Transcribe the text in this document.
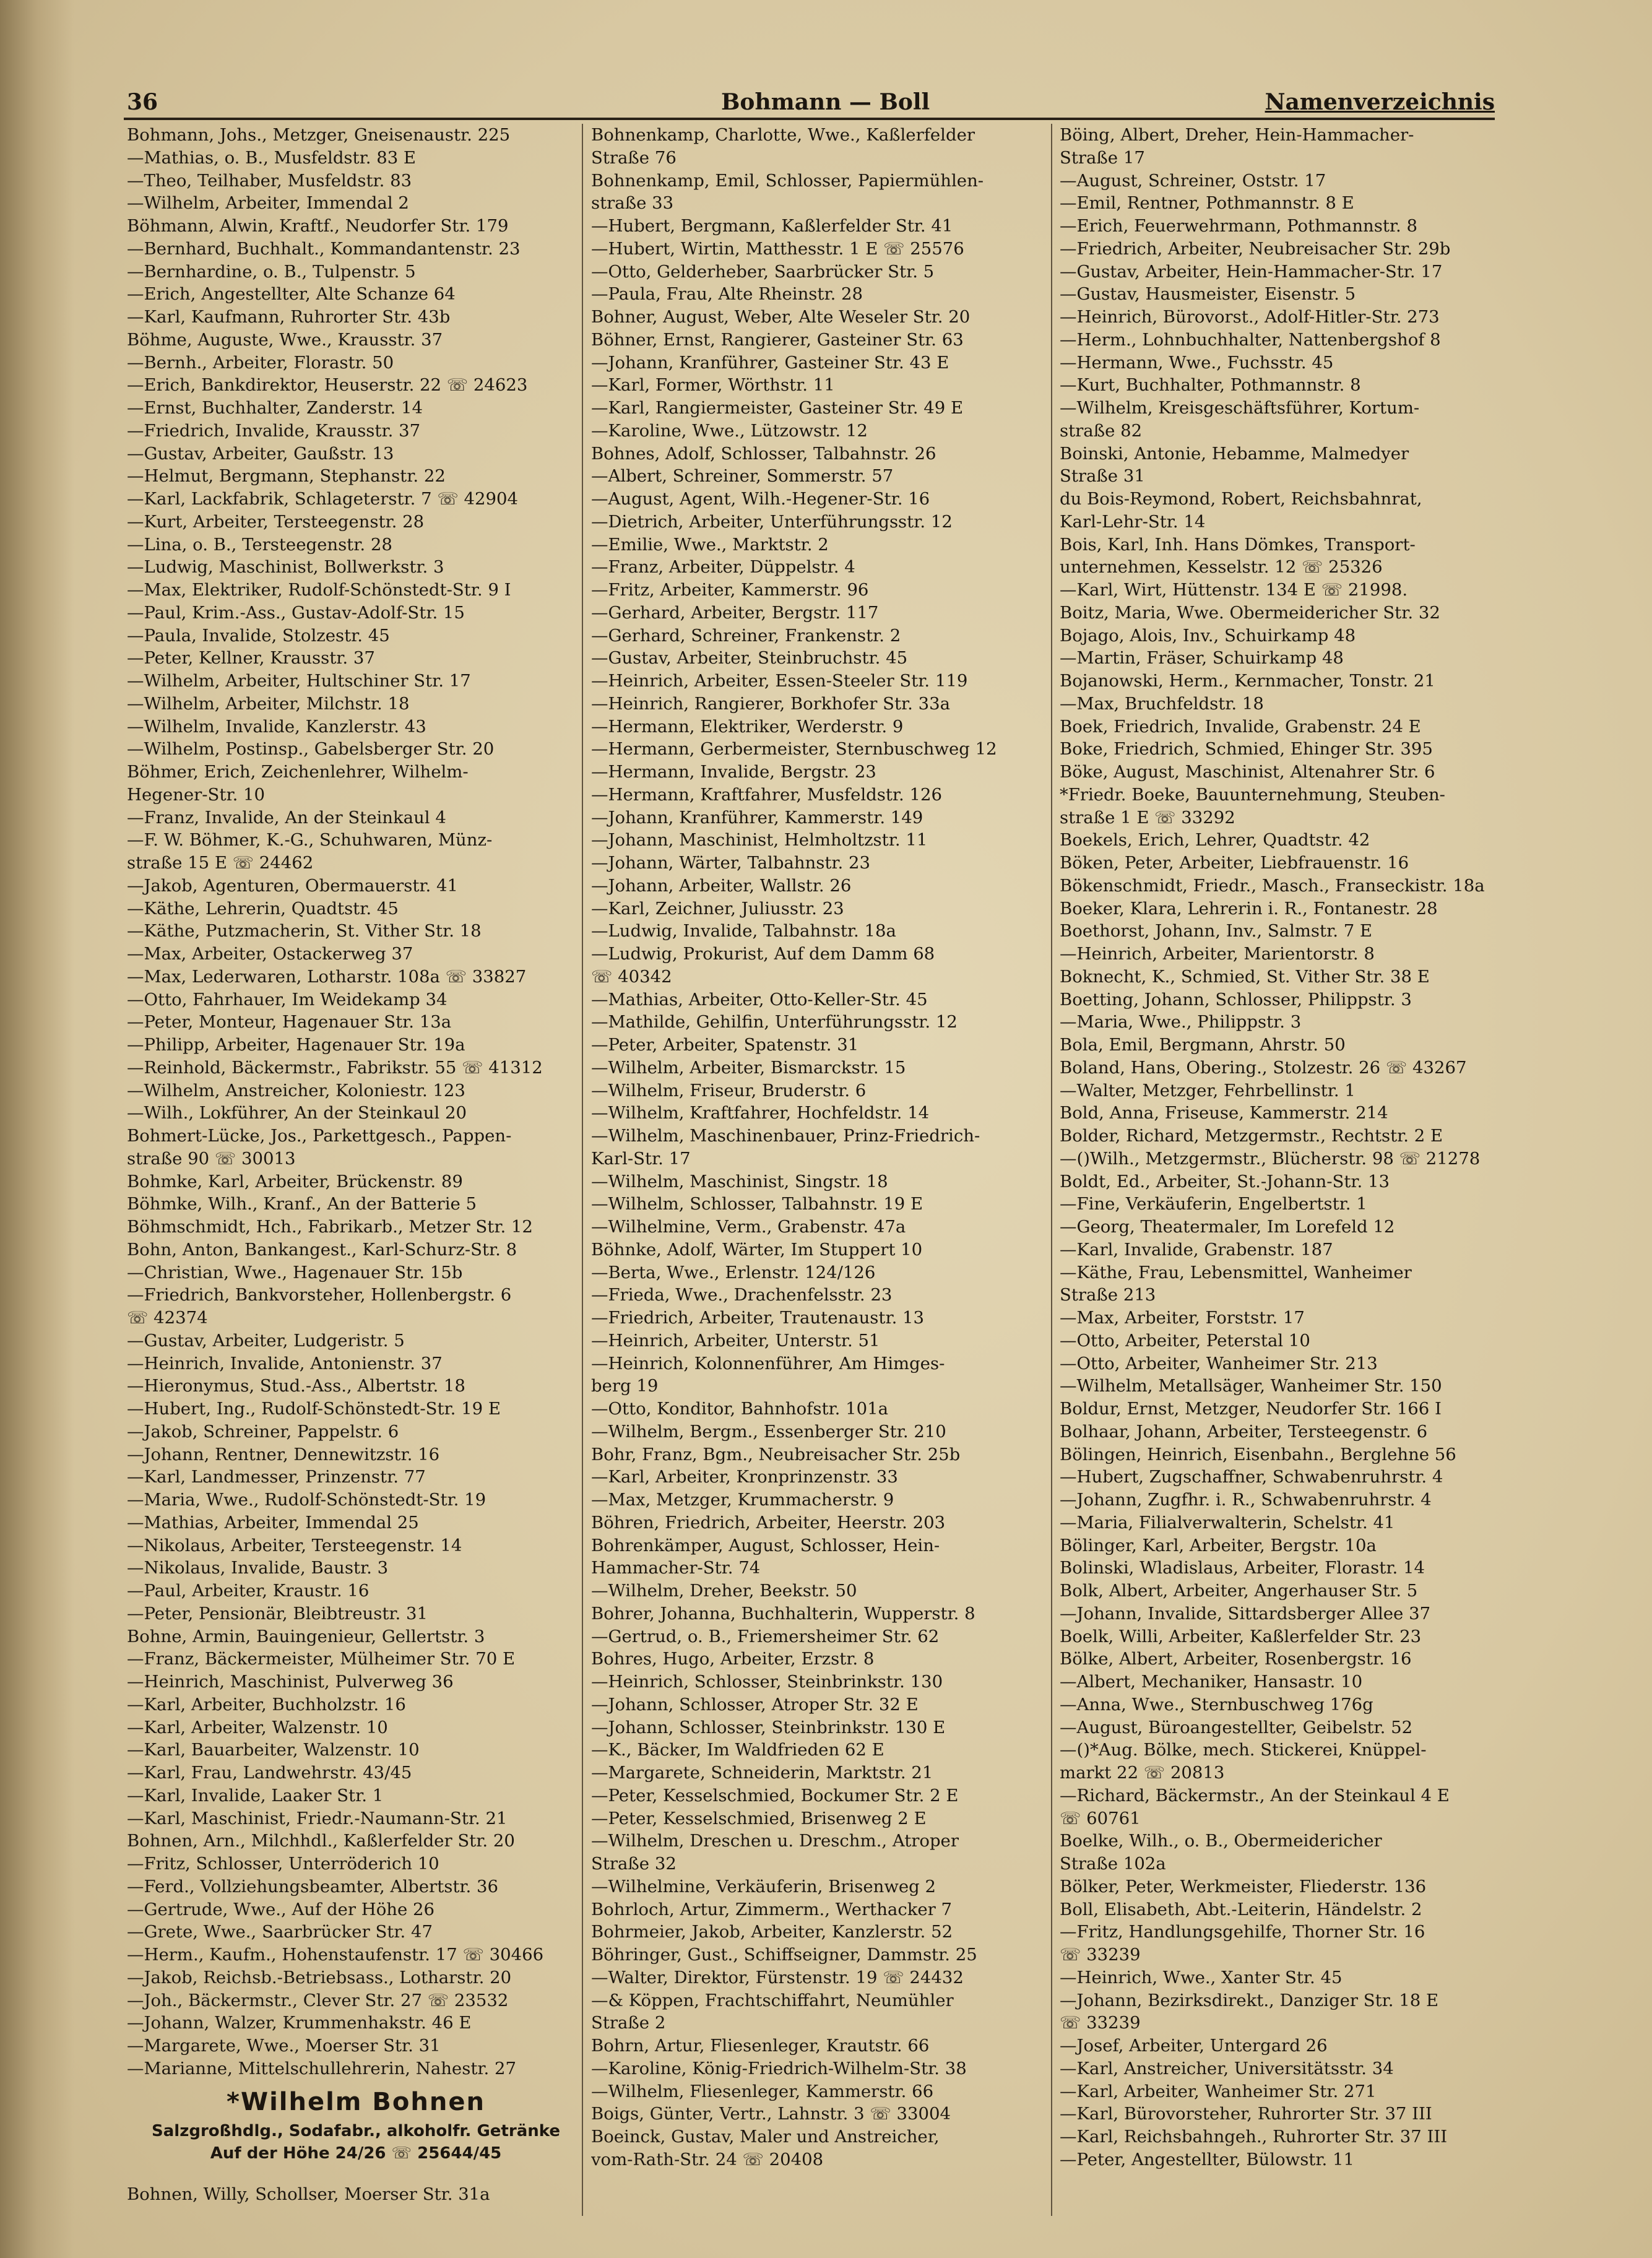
36	Bohmann — Boll	Namenverzeichnis
Bohmann, Johs., Metzger, Gneisenaustr. 225
—Mathias, o. B., Musfeldstr. 83 E
—Theo, Teilhaber, Musfeldstr. 83
—Wilhelm, Arbeiter, Immendal 2
Böhmann, Alwin, Kraftf., Neudorfer Str. 179
—Bernhard, Buchhalt., Kommandantenstr. 23
—Bernhardine, o. B., Tulpenstr. 5
—Erich, Angestellter, Alte Schanze 64
—Karl, Kaufmann, Ruhrorter Str. 43b
Böhme, Auguste, Wwe., Krausstr. 37
—Bernh., Arbeiter, Florastr. 50
—Erich, Bankdirektor, Heuserstr. 22 ☏ 24623
—Ernst, Buchhalter, Zanderstr. 14
—Friedrich, Invalide, Krausstr. 37
—Gustav, Arbeiter, Gaußstr. 13
—Helmut, Bergmann, Stephanstr. 22
—Karl, Lackfabrik, Schlageterstr. 7 ☏ 42904
—Kurt, Arbeiter, Tersteegenstr. 28
—Lina, o. B., Tersteegenstr. 28
—Ludwig, Maschinist, Bollwerkstr. 3
—Max, Elektriker, Rudolf-Schönstedt-Str. 9 I
—Paul, Krim.-Ass., Gustav-Adolf-Str. 15
—Paula, Invalide, Stolzestr. 45
—Peter, Kellner, Krausstr. 37
—Wilhelm, Arbeiter, Hultschiner Str. 17
—Wilhelm, Arbeiter, Milchstr. 18
—Wilhelm, Invalide, Kanzlerstr. 43
—Wilhelm, Postinsp., Gabelsberger Str. 20
Böhmer, Erich, Zeichenlehrer, Wilhelm-
Hegener-Str. 10
—Franz, Invalide, An der Steinkaul 4
—F. W. Böhmer, K.-G., Schuhwaren, Münz-
straße 15 E ☏ 24462
—Jakob, Agenturen, Obermauerstr. 41
—Käthe, Lehrerin, Quadtstr. 45
—Käthe, Putzmacherin, St. Vither Str. 18
—Max, Arbeiter, Ostackerweg 37
—Max, Lederwaren, Lotharstr. 108a ☏ 33827
—Otto, Fahrhauer, Im Weidekamp 34
—Peter, Monteur, Hagenauer Str. 13a
—Philipp, Arbeiter, Hagenauer Str. 19a
—Reinhold, Bäckermstr., Fabrikstr. 55 ☏ 41312
—Wilhelm, Anstreicher, Koloniestr. 123
—Wilh., Lokführer, An der Steinkaul 20
Bohmert-Lücke, Jos., Parkettgesch., Pappen-
straße 90 ☏ 30013
Bohmke, Karl, Arbeiter, Brückenstr. 89
Böhmke, Wilh., Kranf., An der Batterie 5
Böhmschmidt, Hch., Fabrikarb., Metzer Str. 12
Bohn, Anton, Bankangest., Karl-Schurz-Str. 8
—Christian, Wwe., Hagenauer Str. 15b
—Friedrich, Bankvorsteher, Hollenbergstr. 6
☏ 42374
—Gustav, Arbeiter, Ludgeristr. 5
—Heinrich, Invalide, Antonienstr. 37
—Hieronymus, Stud.-Ass., Albertstr. 18
—Hubert, Ing., Rudolf-Schönstedt-Str. 19 E
—Jakob, Schreiner, Pappelstr. 6
—Johann, Rentner, Dennewitzstr. 16
—Karl, Landmesser, Prinzenstr. 77
—Maria, Wwe., Rudolf-Schönstedt-Str. 19
—Mathias, Arbeiter, Immendal 25
—Nikolaus, Arbeiter, Tersteegenstr. 14
—Nikolaus, Invalide, Baustr. 3
—Paul, Arbeiter, Kraustr. 16
—Peter, Pensionär, Bleibtreustr. 31
Bohne, Armin, Bauingenieur, Gellertstr. 3
—Franz, Bäckermeister, Mülheimer Str. 70 E
—Heinrich, Maschinist, Pulverweg 36
—Karl, Arbeiter, Buchholzstr. 16
—Karl, Arbeiter, Walzenstr. 10
—Karl, Bauarbeiter, Walzenstr. 10
—Karl, Frau, Landwehrstr. 43/45
—Karl, Invalide, Laaker Str. 1
—Karl, Maschinist, Friedr.-Naumann-Str. 21
Bohnen, Arn., Milchhdl., Kaßlerfelder Str. 20
—Fritz, Schlosser, Unterröderich 10
—Ferd., Vollziehungsbeamter, Albertstr. 36
—Gertrude, Wwe., Auf der Höhe 26
—Grete, Wwe., Saarbrücker Str. 47
—Herm., Kaufm., Hohenstaufenstr. 17 ☏ 30466
—Jakob, Reichsb.-Betriebsass., Lotharstr. 20
—Joh., Bäckermstr., Clever Str. 27 ☏ 23532
—Johann, Walzer, Krummenhakstr. 46 E
—Margarete, Wwe., Moerser Str. 31
—Marianne, Mittelschullehrerin, Nahestr. 27
*Wilhelm Bohnen
Salzgroßhdlg., Sodafabr., alkoholfr. Getränke
Auf der Höhe 24/26 ☏ 25644/45
Bohnen, Willy, Schollser, Moerser Str. 31a
Bohnenkamp, Charlotte, Wwe., Kaßlerfelder
Straße 76
Bohnenkamp, Emil, Schlosser, Papiermühlen-
straße 33
—Hubert, Bergmann, Kaßlerfelder Str. 41
—Hubert, Wirtin, Matthesstr. 1 E ☏ 25576
—Otto, Gelderheber, Saarbrücker Str. 5
—Paula, Frau, Alte Rheinstr. 28
Bohner, August, Weber, Alte Weseler Str. 20
Böhner, Ernst, Rangierer, Gasteiner Str. 63
—Johann, Kranführer, Gasteiner Str. 43 E
—Karl, Former, Wörthstr. 11
—Karl, Rangiermeister, Gasteiner Str. 49 E
—Karoline, Wwe., Lützowstr. 12
Bohnes, Adolf, Schlosser, Talbahnstr. 26
—Albert, Schreiner, Sommerstr. 57
—August, Agent, Wilh.-Hegener-Str. 16
—Dietrich, Arbeiter, Unterführungsstr. 12
—Emilie, Wwe., Marktstr. 2
—Franz, Arbeiter, Düppelstr. 4
—Fritz, Arbeiter, Kammerstr. 96
—Gerhard, Arbeiter, Bergstr. 117
—Gerhard, Schreiner, Frankenstr. 2
—Gustav, Arbeiter, Steinbruchstr. 45
—Heinrich, Arbeiter, Essen-Steeler Str. 119
—Heinrich, Rangierer, Borkhofer Str. 33a
—Hermann, Elektriker, Werderstr. 9
—Hermann, Gerbermeister, Sternbuschweg 12
—Hermann, Invalide, Bergstr. 23
—Hermann, Kraftfahrer, Musfeldstr. 126
—Johann, Kranführer, Kammerstr. 149
—Johann, Maschinist, Helmholtzstr. 11
—Johann, Wärter, Talbahnstr. 23
—Johann, Arbeiter, Wallstr. 26
—Karl, Zeichner, Juliusstr. 23
—Ludwig, Invalide, Talbahnstr. 18a
—Ludwig, Prokurist, Auf dem Damm 68
☏ 40342
—Mathias, Arbeiter, Otto-Keller-Str. 45
—Mathilde, Gehilfin, Unterführungsstr. 12
—Peter, Arbeiter, Spatenstr. 31
—Wilhelm, Arbeiter, Bismarckstr. 15
—Wilhelm, Friseur, Bruderstr. 6
—Wilhelm, Kraftfahrer, Hochfeldstr. 14
—Wilhelm, Maschinenbauer, Prinz-Friedrich-
Karl-Str. 17
—Wilhelm, Maschinist, Singstr. 18
—Wilhelm, Schlosser, Talbahnstr. 19 E
—Wilhelmine, Verm., Grabenstr. 47a
Böhnke, Adolf, Wärter, Im Stuppert 10
—Berta, Wwe., Erlenstr. 124/126
—Frieda, Wwe., Drachenfelsstr. 23
—Friedrich, Arbeiter, Trautenaustr. 13
—Heinrich, Arbeiter, Unterstr. 51
—Heinrich, Kolonnenführer, Am Himges-
berg 19
—Otto, Konditor, Bahnhofstr. 101a
—Wilhelm, Bergm., Essenberger Str. 210
Bohr, Franz, Bgm., Neubreisacher Str. 25b
—Karl, Arbeiter, Kronprinzenstr. 33
—Max, Metzger, Krummacherstr. 9
Böhren, Friedrich, Arbeiter, Heerstr. 203
Bohrenkämper, August, Schlosser, Hein-
Hammacher-Str. 74
—Wilhelm, Dreher, Beekstr. 50
Bohrer, Johanna, Buchhalterin, Wupperstr. 8
—Gertrud, o. B., Friemersheimer Str. 62
Bohres, Hugo, Arbeiter, Erzstr. 8
—Heinrich, Schlosser, Steinbrinkstr. 130
—Johann, Schlosser, Atroper Str. 32 E
—Johann, Schlosser, Steinbrinkstr. 130 E
—K., Bäcker, Im Waldfrieden 62 E
—Margarete, Schneiderin, Marktstr. 21
—Peter, Kesselschmied, Bockumer Str. 2 E
—Peter, Kesselschmied, Brisenweg 2 E
—Wilhelm, Dreschen u. Dreschm., Atroper
Straße 32
—Wilhelmine, Verkäuferin, Brisenweg 2
Bohrloch, Artur, Zimmerm., Werthacker 7
Bohrmeier, Jakob, Arbeiter, Kanzlerstr. 52
Böhringer, Gust., Schiffseigner, Dammstr. 25
—Walter, Direktor, Fürstenstr. 19 ☏ 24432
—& Köppen, Frachtschiffahrt, Neumühler
Straße 2
Bohrn, Artur, Fliesenleger, Krautstr. 66
—Karoline, König-Friedrich-Wilhelm-Str. 38
—Wilhelm, Fliesenleger, Kammerstr. 66
Boigs, Günter, Vertr., Lahnstr. 3 ☏ 33004
Boeinck, Gustav, Maler und Anstreicher,
vom-Rath-Str. 24 ☏ 20408
Böing, Albert, Dreher, Hein-Hammacher-
Straße 17
—August, Schreiner, Oststr. 17
—Emil, Rentner, Pothmannstr. 8 E
—Erich, Feuerwehrmann, Pothmannstr. 8
—Friedrich, Arbeiter, Neubreisacher Str. 29b
—Gustav, Arbeiter, Hein-Hammacher-Str. 17
—Gustav, Hausmeister, Eisenstr. 5
—Heinrich, Bürovorst., Adolf-Hitler-Str. 273
—Herm., Lohnbuchhalter, Nattenbergshof 8
—Hermann, Wwe., Fuchsstr. 45
—Kurt, Buchhalter, Pothmannstr. 8
—Wilhelm, Kreisgeschäftsführer, Kortum-
straße 82
Boinski, Antonie, Hebamme, Malmedyer
Straße 31
du Bois-Reymond, Robert, Reichsbahnrat,
Karl-Lehr-Str. 14
Bois, Karl, Inh. Hans Dömkes, Transport-
unternehmen, Kesselstr. 12 ☏ 25326
—Karl, Wirt, Hüttenstr. 134 E ☏ 21998.
Boitz, Maria, Wwe. Obermeidericher Str. 32
Bojago, Alois, Inv., Schuirkamp 48
—Martin, Fräser, Schuirkamp 48
Bojanowski, Herm., Kernmacher, Tonstr. 21
—Max, Bruchfeldstr. 18
Boek, Friedrich, Invalide, Grabenstr. 24 E
Boke, Friedrich, Schmied, Ehinger Str. 395
Böke, August, Maschinist, Altenahrer Str. 6
*Friedr. Boeke, Bauunternehmung, Steuben-
straße 1 E ☏ 33292
Boekels, Erich, Lehrer, Quadtstr. 42
Böken, Peter, Arbeiter, Liebfrauenstr. 16
Bökenschmidt, Friedr., Masch., Franseckistr. 18a
Boeker, Klara, Lehrerin i. R., Fontanestr. 28
Boethorst, Johann, Inv., Salmstr. 7 E
—Heinrich, Arbeiter, Marientorstr. 8
Boknecht, K., Schmied, St. Vither Str. 38 E
Boetting, Johann, Schlosser, Philippstr. 3
—Maria, Wwe., Philippstr. 3
Bola, Emil, Bergmann, Ahrstr. 50
Boland, Hans, Obering., Stolzestr. 26 ☏ 43267
—Walter, Metzger, Fehrbellinstr. 1
Bold, Anna, Friseuse, Kammerstr. 214
Bolder, Richard, Metzgermstr., Rechtstr. 2 E
—()Wilh., Metzgermstr., Blücherstr. 98 ☏ 21278
Boldt, Ed., Arbeiter, St.-Johann-Str. 13
—Fine, Verkäuferin, Engelbertstr. 1
—Georg, Theatermaler, Im Lorefeld 12
—Karl, Invalide, Grabenstr. 187
—Käthe, Frau, Lebensmittel, Wanheimer
Straße 213
—Max, Arbeiter, Forststr. 17
—Otto, Arbeiter, Peterstal 10
—Otto, Arbeiter, Wanheimer Str. 213
—Wilhelm, Metallsäger, Wanheimer Str. 150
Boldur, Ernst, Metzger, Neudorfer Str. 166 I
Bolhaar, Johann, Arbeiter, Tersteegenstr. 6
Bölingen, Heinrich, Eisenbahn., Berglehne 56
—Hubert, Zugschaffner, Schwabenruhrstr. 4
—Johann, Zugfhr. i. R., Schwabenruhrstr. 4
—Maria, Filialverwalterin, Schelstr. 41
Bölinger, Karl, Arbeiter, Bergstr. 10a
Bolinski, Wladislaus, Arbeiter, Florastr. 14
Bolk, Albert, Arbeiter, Angerhauser Str. 5
—Johann, Invalide, Sittardsberger Allee 37
Boelk, Willi, Arbeiter, Kaßlerfelder Str. 23
Bölke, Albert, Arbeiter, Rosenbergstr. 16
—Albert, Mechaniker, Hansastr. 10
—Anna, Wwe., Sternbuschweg 176g
—August, Büroangestellter, Geibelstr. 52
—()*Aug. Bölke, mech. Stickerei, Knüppel-
markt 22 ☏ 20813
—Richard, Bäckermstr., An der Steinkaul 4 E
☏ 60761
Boelke, Wilh., o. B., Obermeidericher
Straße 102a
Bölker, Peter, Werkmeister, Fliederstr. 136
Boll, Elisabeth, Abt.-Leiterin, Händelstr. 2
—Fritz, Handlungsgehilfe, Thorner Str. 16
☏ 33239
—Heinrich, Wwe., Xanter Str. 45
—Johann, Bezirksdirekt., Danziger Str. 18 E
☏ 33239
—Josef, Arbeiter, Untergard 26
—Karl, Anstreicher, Universitätsstr. 34
—Karl, Arbeiter, Wanheimer Str. 271
—Karl, Bürovorsteher, Ruhrorter Str. 37 III
—Karl, Reichsbahngeh., Ruhrorter Str. 37 III
—Peter, Angestellter, Bülowstr. 11
